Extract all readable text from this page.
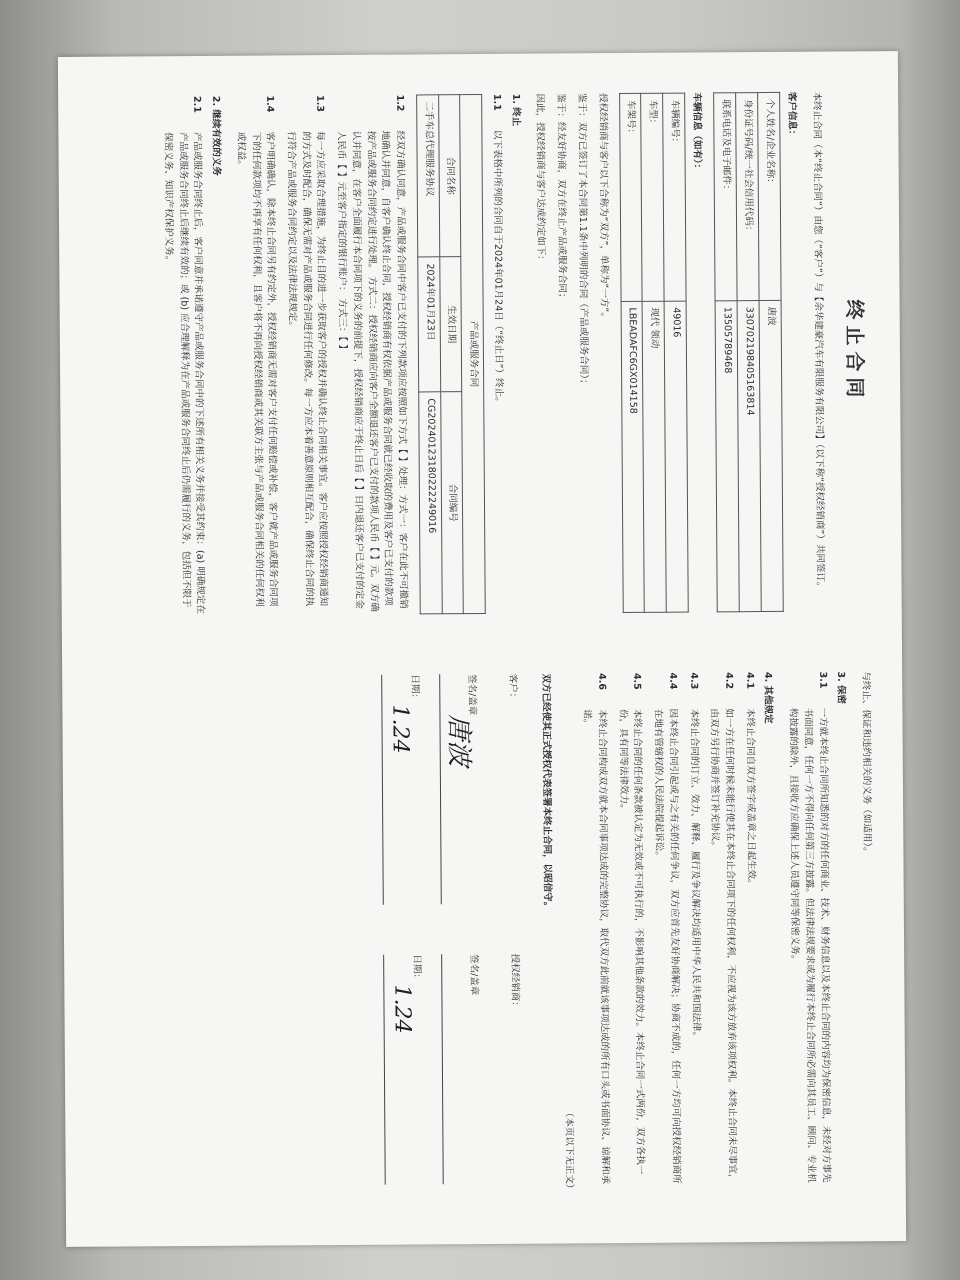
终止合同

本终止合同（本“终止合同”）由您（“客户”）与【余华建豪汽车有限服务有限公司】（以下称“授权经销商”）共同签订。

客户信息：
个人姓名/企业名称：	唐波
身份证号码/统一社会信用代码：	330702198405163814
联系电话及电子邮件：	13505789468
车辆信息（如有）：
车辆编号：	49016
车型：	现代 领动
车架号：	LBEADAFC6GX014158

授权经销商与客户以下合称为“双方”，单称为“一方”。

鉴于：双方已签订了本合同第1.1条中列明的合同（产品或服务合同）；

鉴于：经友好协商，双方在终止产品或服务合同；

因此，授权经销商与客户达成约定如下：

1. 终止
1.1
以下表格中所列的合同自于2024年01月24日（“终止日”）终止。
产品或服务合同		
合同名称	生效日期	合同编号
二手车总代理服务协议	2024年01月23日	CG20240123180222249016
1.2
经双方确认同意，产品或服务合同中客户已支付的下列款项应按照如下方式【 】处理：方式一：客户在此不可撤销地确认并同意，自客户确认终止合同，授权经销商有权依据产品或服务合同就已经收取的费用及客户已支付的款项按产品或服务合同约定进行处理。 方式二：授权经销商应向客户全额退还客户已支付的款项人民币【 】元。双方确认并同意，在客户全面履行本合同项下的义务的前提下，授权经销商应于终止日后【 】日内退还客户已支付的定金人民币【 】元至客户指定的银行账户： 方式三：【 】
1.3
每一方应采取合理措施，为终止目的进一步获取客户的授权并确认终止合同相关事宜。客户应按照授权经销商通知的方式及时配合，确保无需对产品或服务合同进行任何修改。每一方应本着善意原则相互配合，确保终止合同的执行符合产品或服务合同约定以及法律法规规定。
1.4
客户明确确认，除本终止合同另有约定外，授权经销商无需对客户支付任何赔偿或补偿，客户就产品或服务合同项下的任何款项均不再享有任何权利，且客户将不再向授权经销商或其关联方主张与产品或服务合同相关的任何权利或权益。
2. 继续有效的义务
2.1
产品或服务合同终止后，客户同意并承诺遵守产品或服务合同中的下述所有相关义务并接受其约束：(a) 明确规定在产品或服务合同终止后继续有效的；或 (b) 应合理解释为在产品或服务合同终止后仍需履行的义务，包括但不限于保密义务、知识产权保护义务。

与终止、保证和违约相关的义务（如适用）。

3. 保密
3.1
一方就本终止合同所知悉的对方的任何商业、技术、财务信息以及本终止合同的内容均为保密信息，未经对方事先书面同意，任何一方不得向任何第三方披露。但法律法规要求或为履行本终止合同所必需向其员工、顾问、专业机构披露的除外，且接收方应确保上述人员遵守同等保密义务。
4. 其他规定
4.1
本终止合同自双方签字或盖章之日起生效。
4.2
如一方在任何时候未能行使其在本终止合同项下的任何权利，不应视为该方放弃该项权利。本终止合同未尽事宜，由双方另行协商并签订补充协议。
4.3
本终止合同的订立、效力、解释、履行及争议解决均适用中华人民共和国法律。
4.4
因本终止合同引起或与之有关的任何争议，双方应首先友好协商解决；协商不成的，任何一方均可向授权经销商所在地有管辖权的人民法院提起诉讼。
4.5
本终止合同的任何条款被认定为无效或不可执行的，不影响其他条款的效力。本终止合同一式两份，双方各执一份，具有同等法律效力。
4.6
本终止合同构成双方就本合同事项达成的完整协议，取代双方此前就该事项达成的所有口头或书面协议、谅解和承诺。

（本页以下无正文）

双方已经使其正式授权代表签署本终止合同，以昭信守。

客户：
签名/盖章
唐波
日期：
1.24
授权经销商：
签名/盖章
日期：
1.24
